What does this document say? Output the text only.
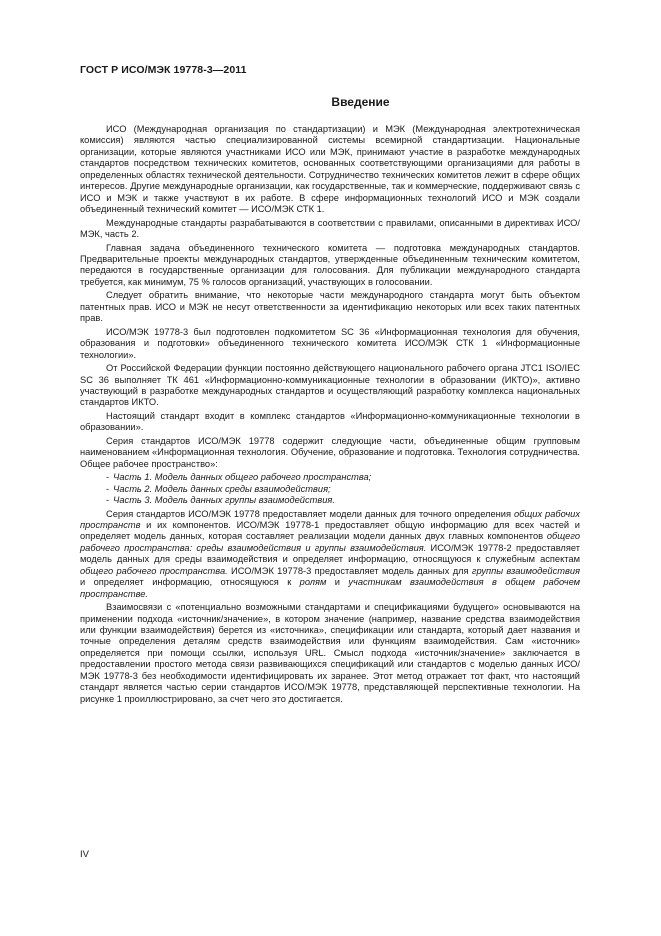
ГОСТ Р ИСО/МЭК 19778-3—2011
Введение

ИСО (Международная организация по стандартизации) и МЭК (Международная электротехническая комиссия) являются частью специализированной системы всемирной стандартизации. Национальные организации, которые являются участниками ИСО или МЭК, принимают участие в разработке международных стандартов посредством технических комитетов, основанных соответствующими организациями для работы в определенных областях технической деятельности. Сотрудничество технических комитетов лежит в сфере общих интересов. Другие международные организации, как государственные, так и коммерческие, поддерживают связь с ИСО и МЭК и также участвуют в их работе. В сфере информационных технологий ИСО и МЭК создали объединенный технический комитет — ИСО/МЭК СТК 1.

Международные стандарты разрабатываются в соответствии с правилами, описанными в директивах ИСО/МЭК, часть 2.

Главная задача объединенного технического комитета — подготовка международных стандартов. Предварительные проекты международных стандартов, утвержденные объединенным техническим комитетом, передаются в государственные организации для голосования. Для публикации международного стандарта требуется, как минимум, 75 % голосов организаций, участвующих в голосовании.

Следует обратить внимание, что некоторые части международного стандарта могут быть объектом патентных прав. ИСО и МЭК не несут ответственности за идентификацию некоторых или всех таких патентных прав.

ИСО/МЭК 19778-3 был подготовлен подкомитетом SC 36 «Информационная технология для обучения, образования и подготовки» объединенного технического комитета ИСО/МЭК СТК 1 «Информационные технологии».

От Российской Федерации функции постоянно действующего национального рабочего органа JTC1 ISO/IEC SC 36 выполняет ТК 461 «Информационно-коммуникационные технологии в образовании (ИКТО)», активно участвующий в разработке международных стандартов и осуществляющий разработку комплекса национальных стандартов ИКТО.

Настоящий стандарт входит в комплекс стандартов «Информационно-коммуникационные технологии в образовании».

Серия стандартов ИСО/МЭК 19778 содержит следующие части, объединенные общим групповым наименованием «Информационная технология. Обучение, образование и подготовка. Технология сотрудничества. Общее рабочее пространство»:

- Часть 1. Модель данных общего рабочего пространства;
- Часть 2. Модель данных среды взаимодействия;
- Часть 3. Модель данных группы взаимодействия.

Серия стандартов ИСО/МЭК 19778 предоставляет модели данных для точного определения общих рабочих пространств и их компонентов. ИСО/МЭК 19778-1 предоставляет общую информацию для всех частей и определяет модель данных, которая составляет реализации модели данных двух главных компонентов общего рабочего пространства: среды взаимодействия и группы взаимодействия. ИСО/МЭК 19778-2 предоставляет модель данных для среды взаимодействия и определяет информацию, относящуюся к служебным аспектам общего рабочего пространства. ИСО/МЭК 19778-3 предоставляет модель данных для группы взаимодействия и определяет информацию, относящуюся к ролям и участникам взаимодействия в общем рабочем пространстве.

Взаимосвязи с «потенциально возможными стандартами и спецификациями будущего» основываются на применении подхода «источник/значение», в котором значение (например, название средства взаимодействия или функции взаимодействия) берется из «источника», спецификации или стандарта, который дает названия и точные определения деталям средств взаимодействия или функциям взаимодействия. Сам «источник» определяется при помощи ссылки, используя URL. Смысл подхода «источник/значение» заключается в предоставлении простого метода связи развивающихся спецификаций или стандартов с моделью данных ИСО/МЭК 19778-3 без необходимости идентифицировать их заранее. Этот метод отражает тот факт, что настоящий стандарт является частью серии стандартов ИСО/МЭК 19778, представляющей перспективные технологии. На рисунке 1 проиллюстрировано, за счет чего это достигается.

IV
